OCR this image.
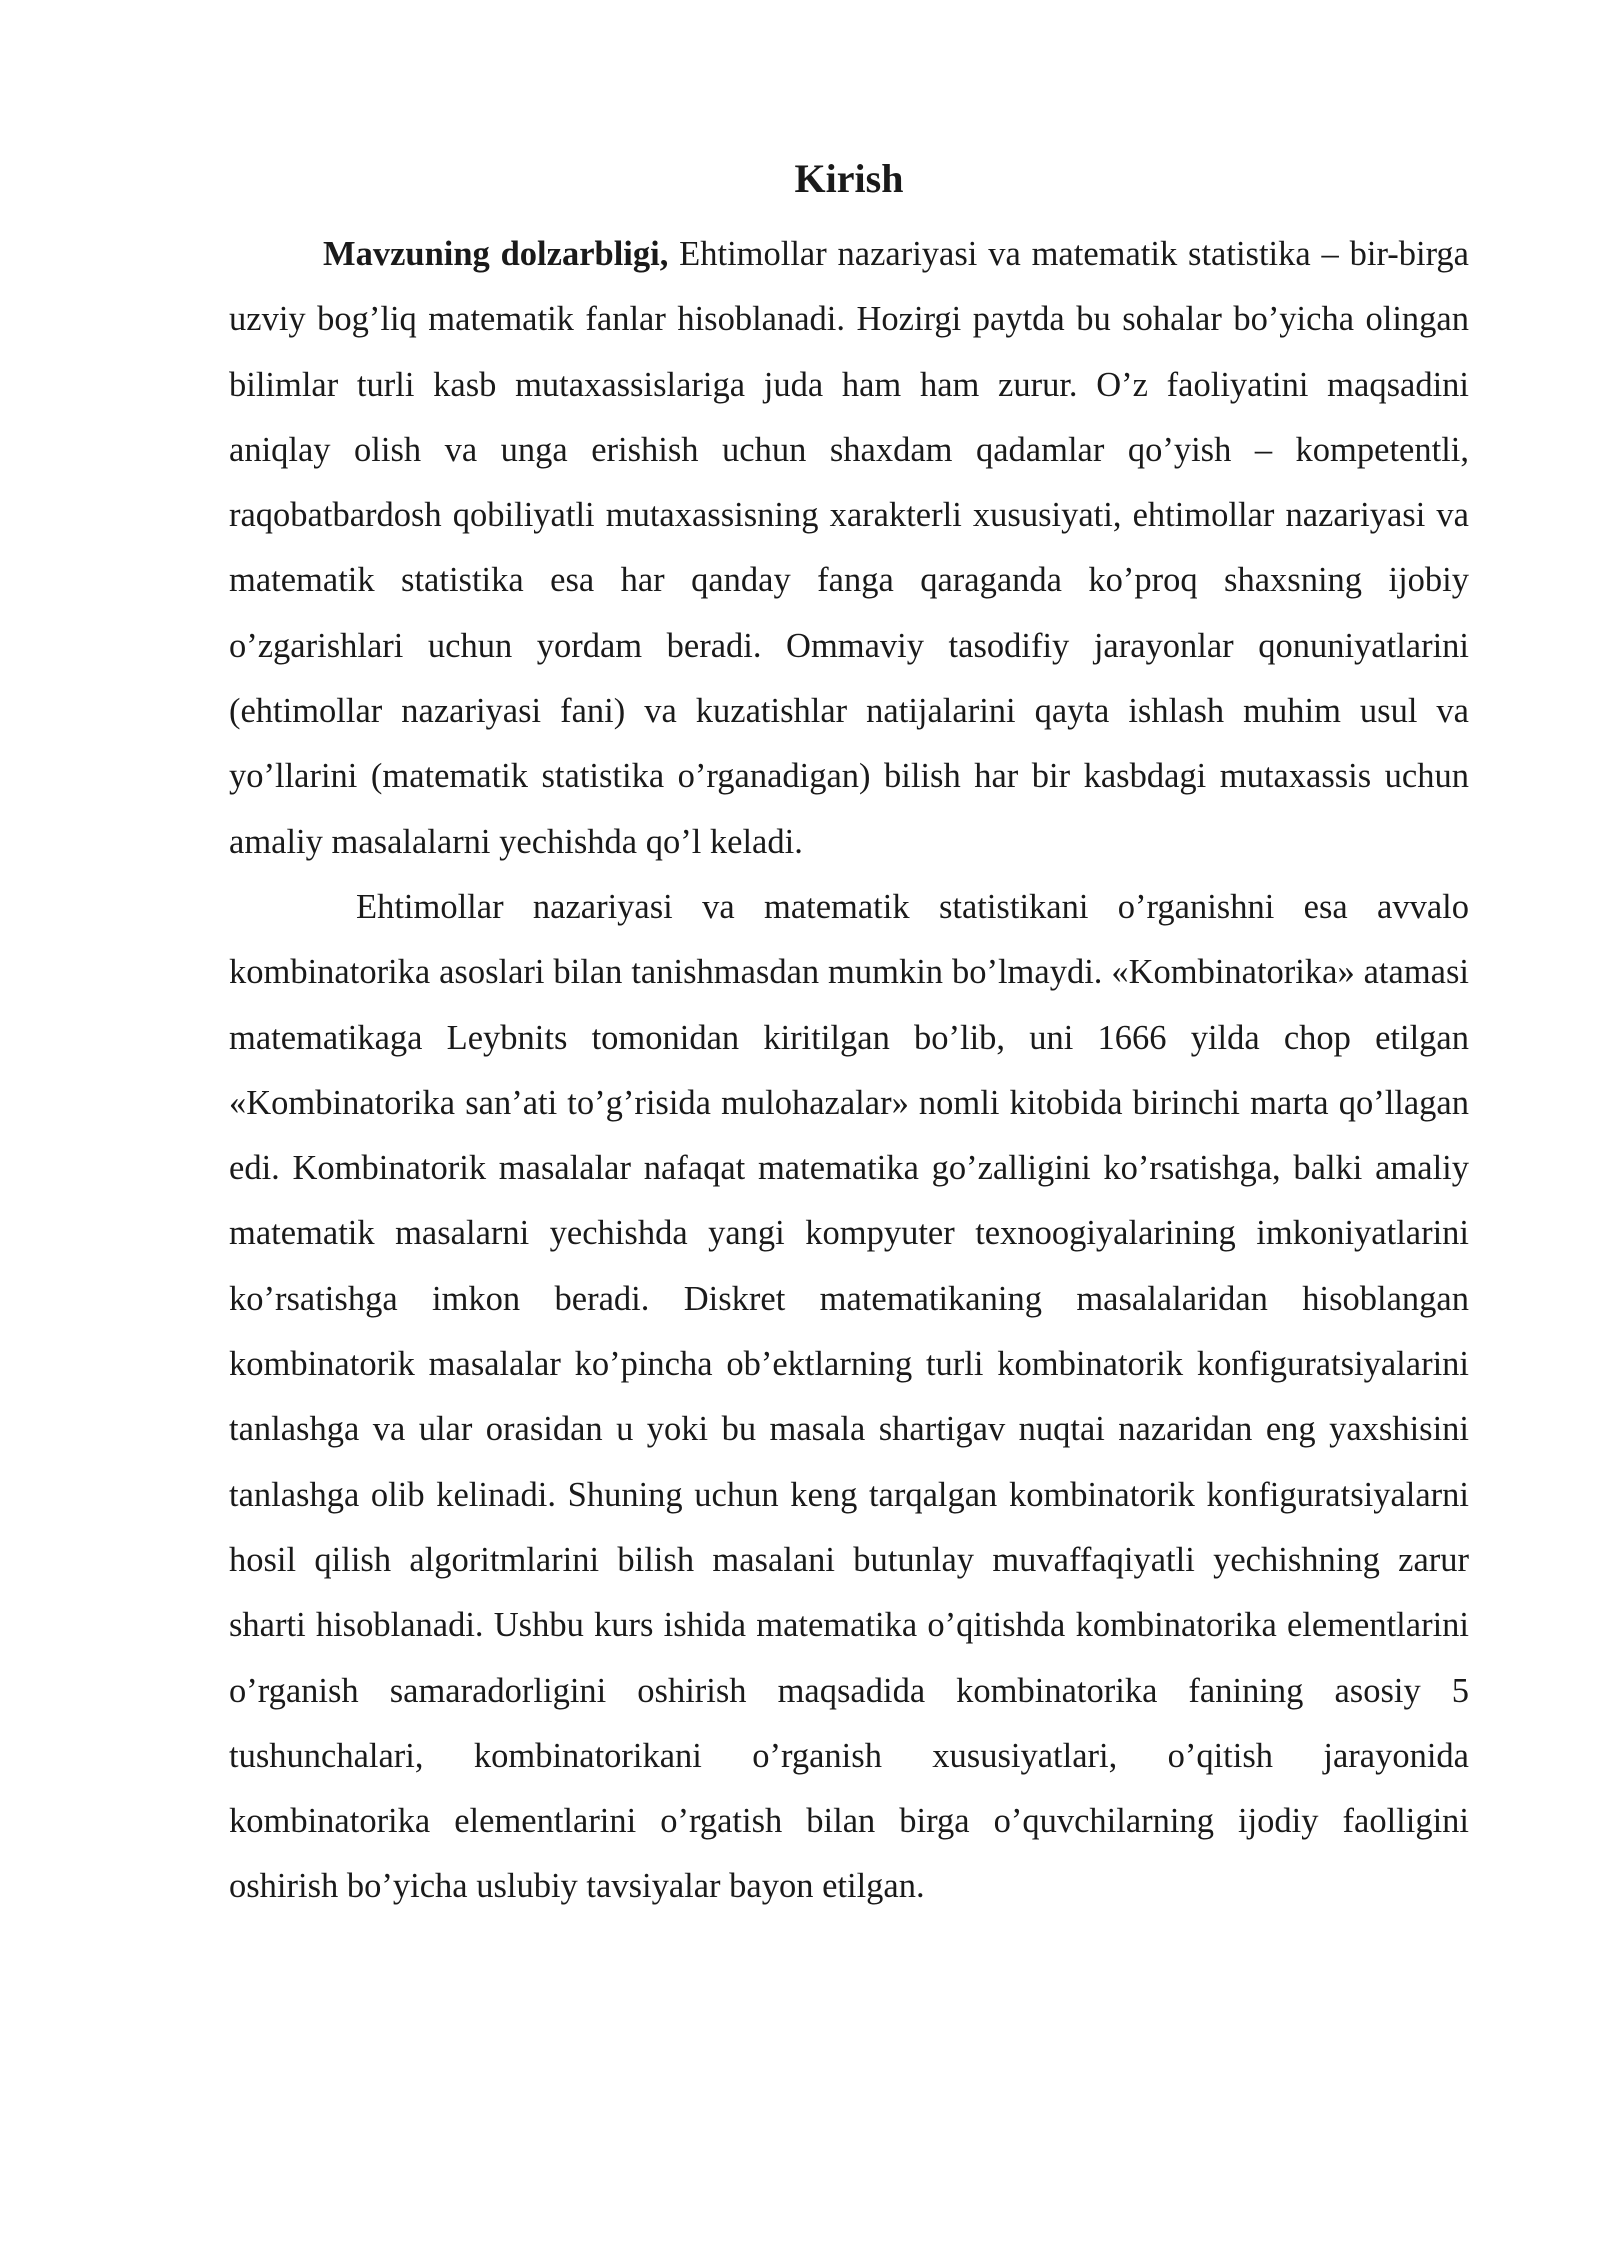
Kirish

Mavzuning dolzarbligi, Ehtimollar nazariyasi va matematik statistika – bir-birga uzviy bog’liq matematik fanlar hisoblanadi. Hozirgi paytda bu sohalar bo’yicha olingan bilimlar turli kasb mutaxassislariga juda ham ham zurur. O’z faoliyatini maqsadini aniqlay olish va unga erishish uchun shaxdam qadamlar qo’yish – kompetentli, raqobatbardosh qobiliyatli mutaxassisning xarakterli xususiyati, ehtimollar nazariyasi va matematik statistika esa har qanday fanga qaraganda ko’proq shaxsning ijobiy o’zgarishlari uchun yordam beradi. Ommaviy tasodifiy jarayonlar qonuniyatlarini (ehtimollar nazariyasi fani) va kuzatishlar natijalarini qayta ishlash muhim usul va yo’llarini (matematik statistika o’rganadigan) bilish har bir kasbdagi mutaxassis uchun amaliy masalalarni yechishda qo’l keladi.

Ehtimollar nazariyasi va matematik statistikani o’rganishni esa avvalo kombinatorika asoslari bilan tanishmasdan mumkin bo’lmaydi. «Kombinatorika» atamasi matematikaga Leybnits tomonidan kiritilgan bo’lib, uni 1666 yilda chop etilgan «Kombinatorika san’ati to’g’risida mulohazalar» nomli kitobida birinchi marta qo’llagan edi. Kombinatorik masalalar nafaqat matematika go’zalligini ko’rsatishga, balki amaliy matematik masalarni yechishda yangi kompyuter texnoogiyalarining imkoniyatlarini ko’rsatishga imkon beradi. Diskret matematikaning masalalaridan hisoblangan kombinatorik masalalar ko’pincha ob’ektlarning turli kombinatorik konfiguratsiyalarini tanlashga va ular orasidan u yoki bu masala shartigav nuqtai nazaridan eng yaxshisini tanlashga olib kelinadi. Shuning uchun keng tarqalgan kombinatorik konfiguratsiyalarni hosil qilish algoritmlarini bilish masalani butunlay muvaffaqiyatli yechishning zarur sharti hisoblanadi. Ushbu kurs ishida matematika o’qitishda kombinatorika elementlarini o’rganish samaradorligini oshirish maqsadida kombinatorika fanining asosiy 5 tushunchalari, kombinatorikani o’rganish xususiyatlari, o’qitish jarayonida kombinatorika elementlarini o’rgatish bilan birga o’quvchilarning ijodiy faolligini oshirish bo’yicha uslubiy tavsiyalar bayon etilgan.
